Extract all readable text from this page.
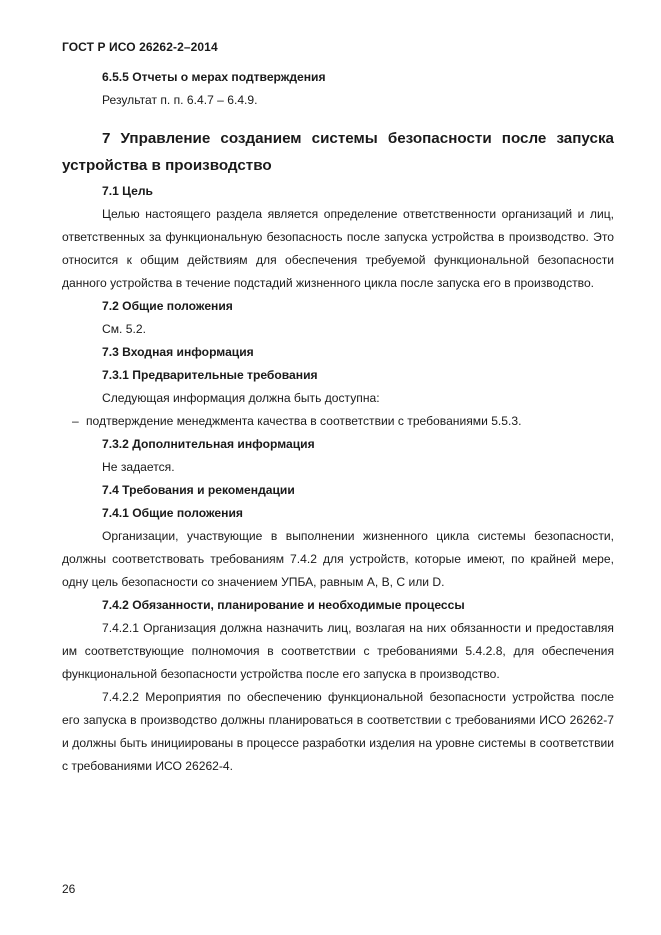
ГОСТ Р ИСО 26262-2–2014

6.5.5 Отчеты о мерах подтверждения

Результат п. п. 6.4.7 – 6.4.9.

7 Управление созданием системы безопасности после запуска устройства в производство

7.1 Цель

Целью настоящего раздела является определение ответственности организаций и лиц, ответственных за функциональную безопасность после запуска устройства в производство. Это относится к общим действиям для обеспечения требуемой функциональной безопасности данного устройства в течение подстадий жизненного цикла после запуска его в производство.

7.2 Общие положения

См. 5.2.

7.3 Входная информация

7.3.1 Предварительные требования

Следующая информация должна быть доступна:

– подтверждение менеджмента качества в соответствии с требованиями 5.5.3.

7.3.2 Дополнительная информация

Не задается.

7.4 Требования и рекомендации

7.4.1 Общие положения

Организации, участвующие в выполнении жизненного цикла системы безопасности, должны соответствовать требованиям 7.4.2 для устройств, которые имеют, по крайней мере, одну цель безопасности со значением УПБА, равным А, В, С или D.

7.4.2 Обязанности, планирование и необходимые процессы

7.4.2.1 Организация должна назначить лиц, возлагая на них обязанности и предоставляя им соответствующие полномочия в соответствии с требованиями 5.4.2.8, для обеспечения функциональной безопасности устройства после его запуска в производство.

7.4.2.2 Мероприятия по обеспечению функциональной безопасности устройства после его запуска в производство должны планироваться в соответствии с требованиями ИСО 26262-7 и должны быть инициированы в процессе разработки изделия на уровне системы в соответствии с требованиями ИСО 26262-4.

26
